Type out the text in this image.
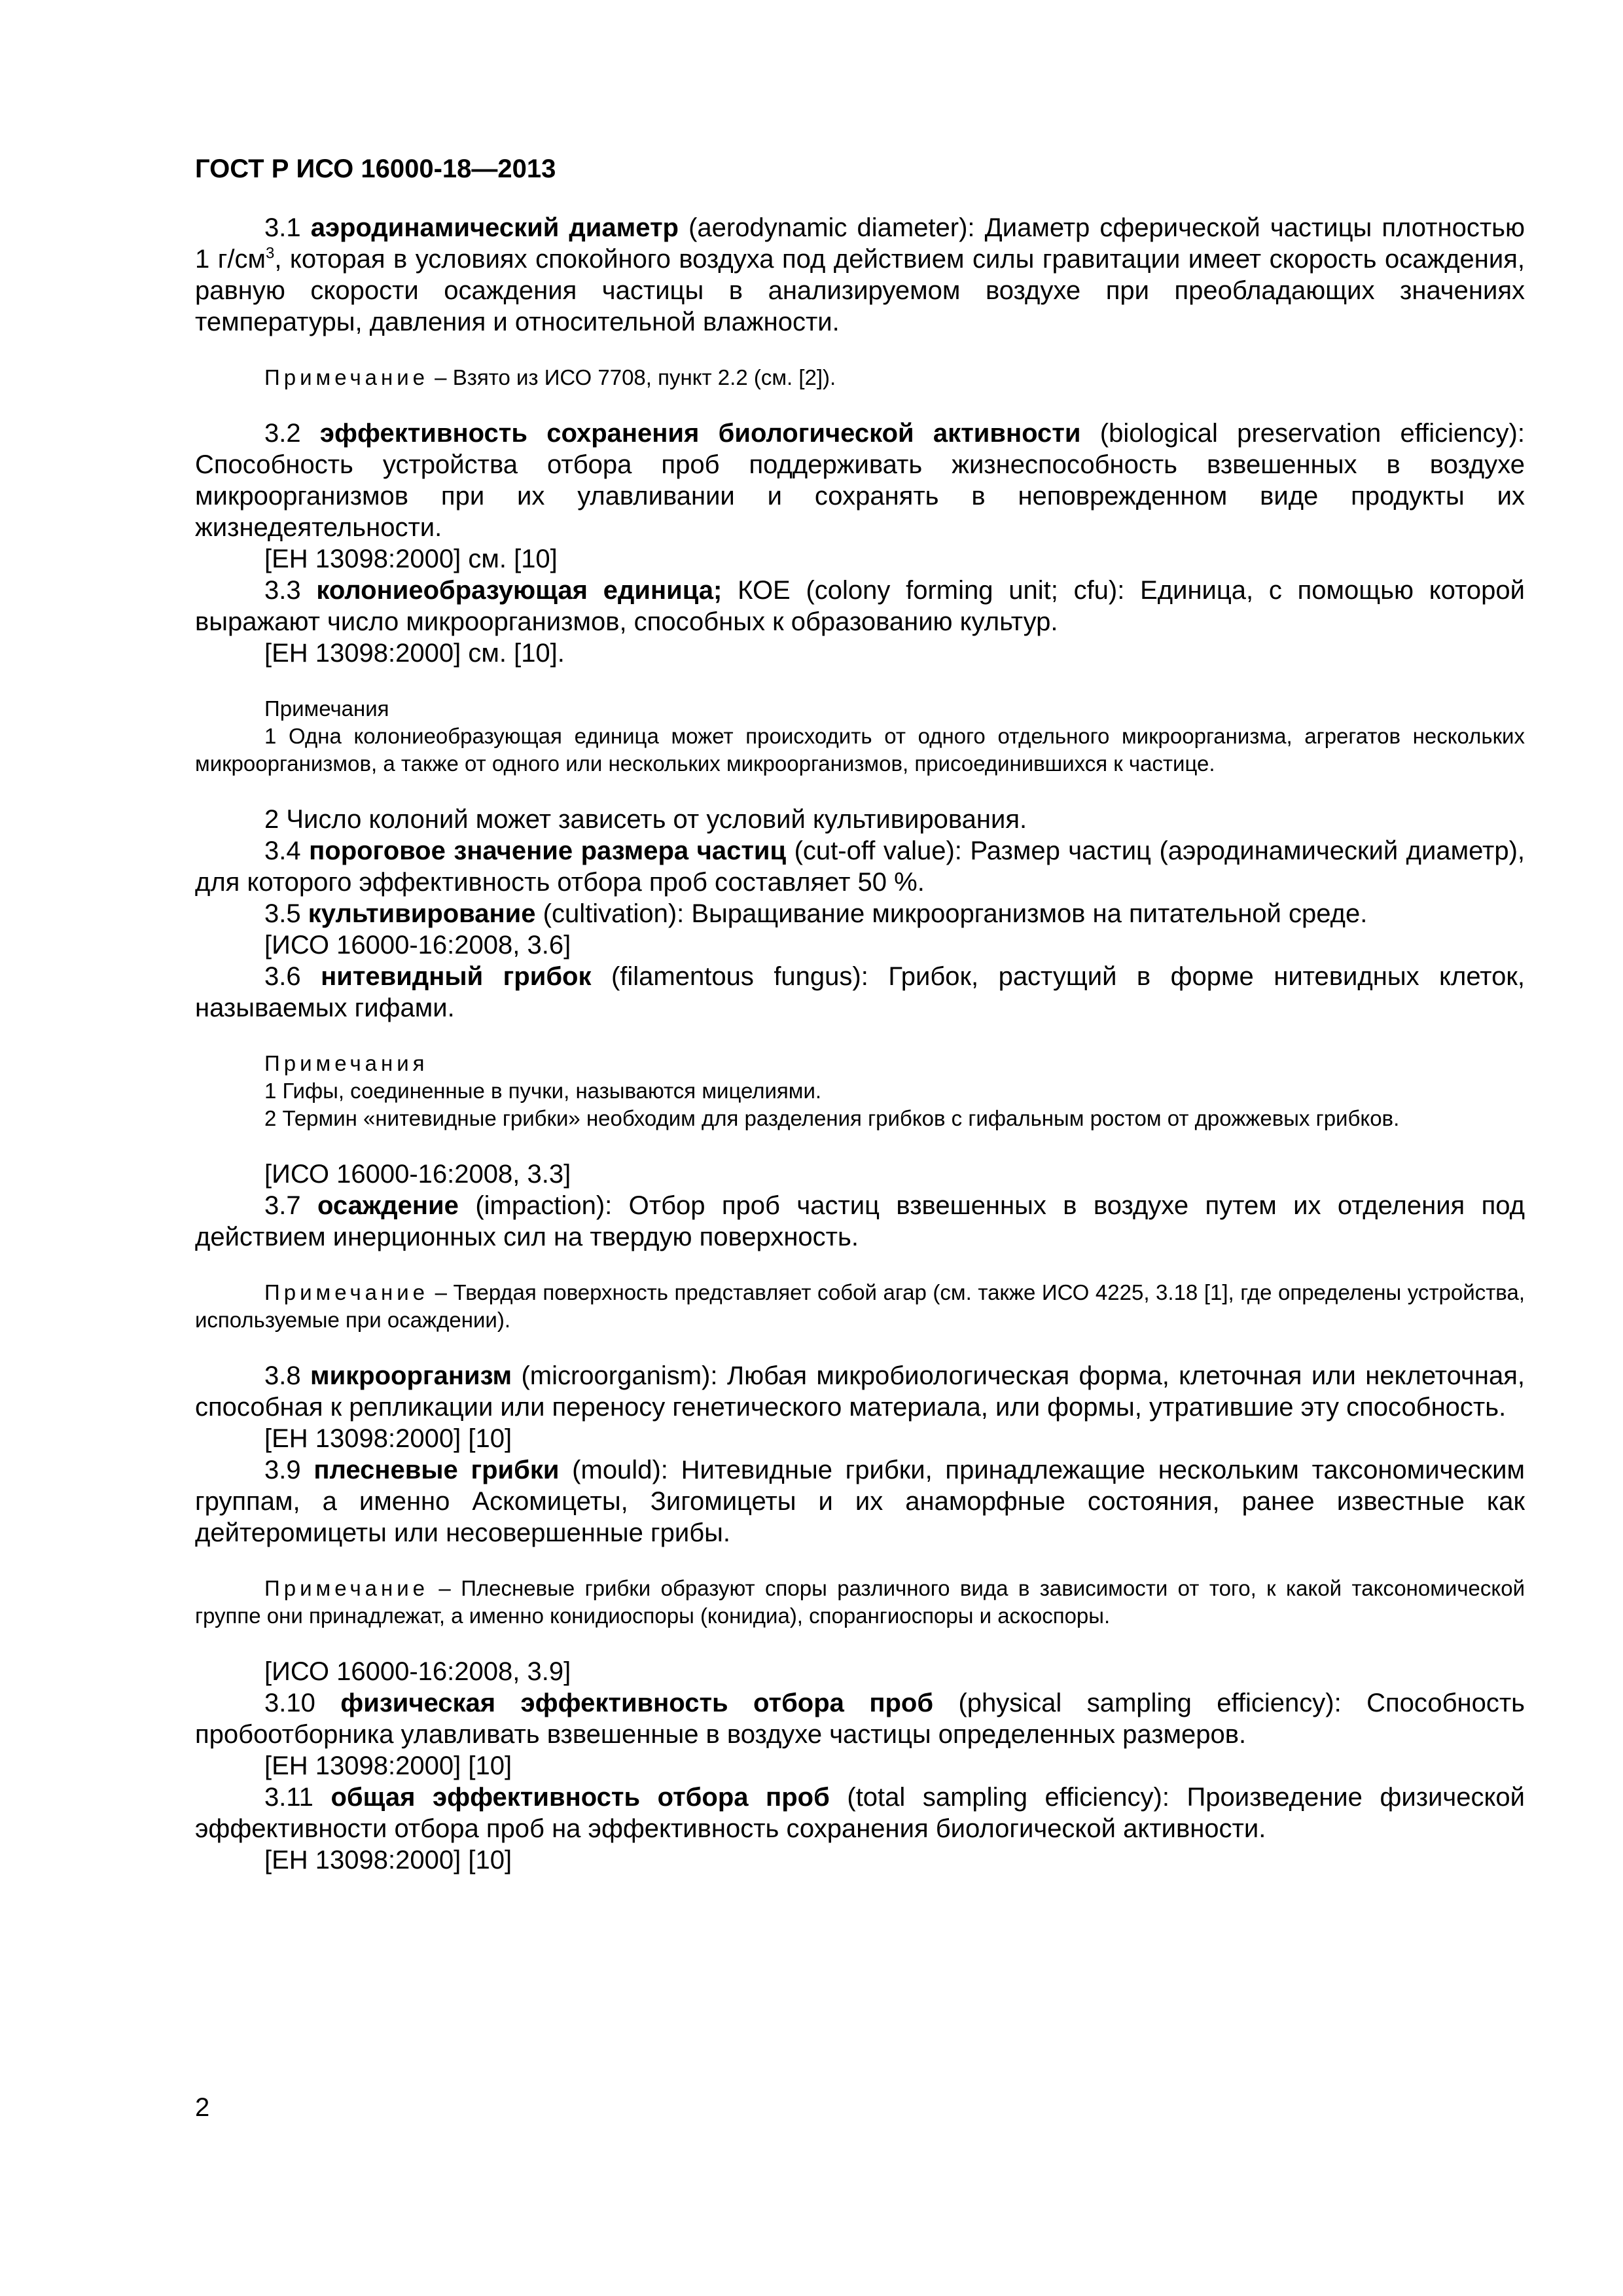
ГОСТ Р ИСО 16000-18—2013

3.1 аэродинамический диаметр (aerodynamic diameter): Диаметр сферической частицы плотностью 1 $г/см^3$, которая в условиях спокойного воздуха под действием силы гравитации имеет скорость осаждения, равную скорости осаждения частицы в анализируемом воздухе при преобладающих значениях температуры, давления и относительной влажности.

Примечание – Взято из ИСО 7708, пункт 2.2 (см. [2]).

3.2 эффективность сохранения биологической активности (biological preservation efficiency): Способность устройства отбора проб поддерживать жизнеспособность взвешенных в воздухе микроорганизмов при их улавливании и сохранять в неповрежденном виде продукты их жизнедеятельности.

[ЕН 13098:2000] см. [10]

3.3 колониеобразующая единица; КОЕ (colony forming unit; cfu): Единица, с помощью которой выражают число микроорганизмов, способных к образованию культур.

[ЕН 13098:2000] см. [10].

Примечания

1 Одна колониеобразующая единица может происходить от одного отдельного микроорганизма, агрегатов нескольких микроорганизмов, а также от одного или нескольких микроорганизмов, присоединившихся к частице.

2 Число колоний может зависеть от условий культивирования.

3.4 пороговое значение размера частиц (cut-off value): Размер частиц (аэродинамический диаметр), для которого эффективность отбора проб составляет 50 %.

3.5 культивирование (cultivation): Выращивание микроорганизмов на питательной среде.

[ИСО 16000-16:2008, 3.6]

3.6 нитевидный грибок (filamentous fungus): Грибок, растущий в форме нитевидных клеток, называемых гифами.

Примечания

1 Гифы, соединенные в пучки, называются мицелиями.

2 Термин «нитевидные грибки» необходим для разделения грибков с гифальным ростом от дрожжевых грибков.

[ИСО 16000-16:2008, 3.3]

3.7 осаждение (impaction): Отбор проб частиц взвешенных в воздухе путем их отделения под действием инерционных сил на твердую поверхность.

Примечание – Твердая поверхность представляет собой агар (см. также ИСО 4225, 3.18 [1], где определены устройства, используемые при осаждении).

3.8 микроорганизм (microorganism): Любая микробиологическая форма, клеточная или неклеточная, способная к репликации или переносу генетического материала, или формы, утратившие эту способность.

[ЕН 13098:2000] [10]

3.9 плесневые грибки (mould): Нитевидные грибки, принадлежащие нескольким таксономическим группам, а именно Аскомицеты, Зигомицеты и их анаморфные состояния, ранее известные как дейтеромицеты или несовершенные грибы.

Примечание – Плесневые грибки образуют споры различного вида в зависимости от того, к какой таксономической группе они принадлежат, а именно конидиоспоры (конидиа), спорангиоспоры и аскоспоры.

[ИСО 16000-16:2008, 3.9]

3.10 физическая эффективность отбора проб (physical sampling efficiency): Способность пробоотборника улавливать взвешенные в воздухе частицы определенных размеров.

[ЕН 13098:2000] [10]

3.11 общая эффективность отбора проб (total sampling efficiency): Произведение физической эффективности отбора проб на эффективность сохранения биологической активности.

[ЕН 13098:2000] [10]

2
